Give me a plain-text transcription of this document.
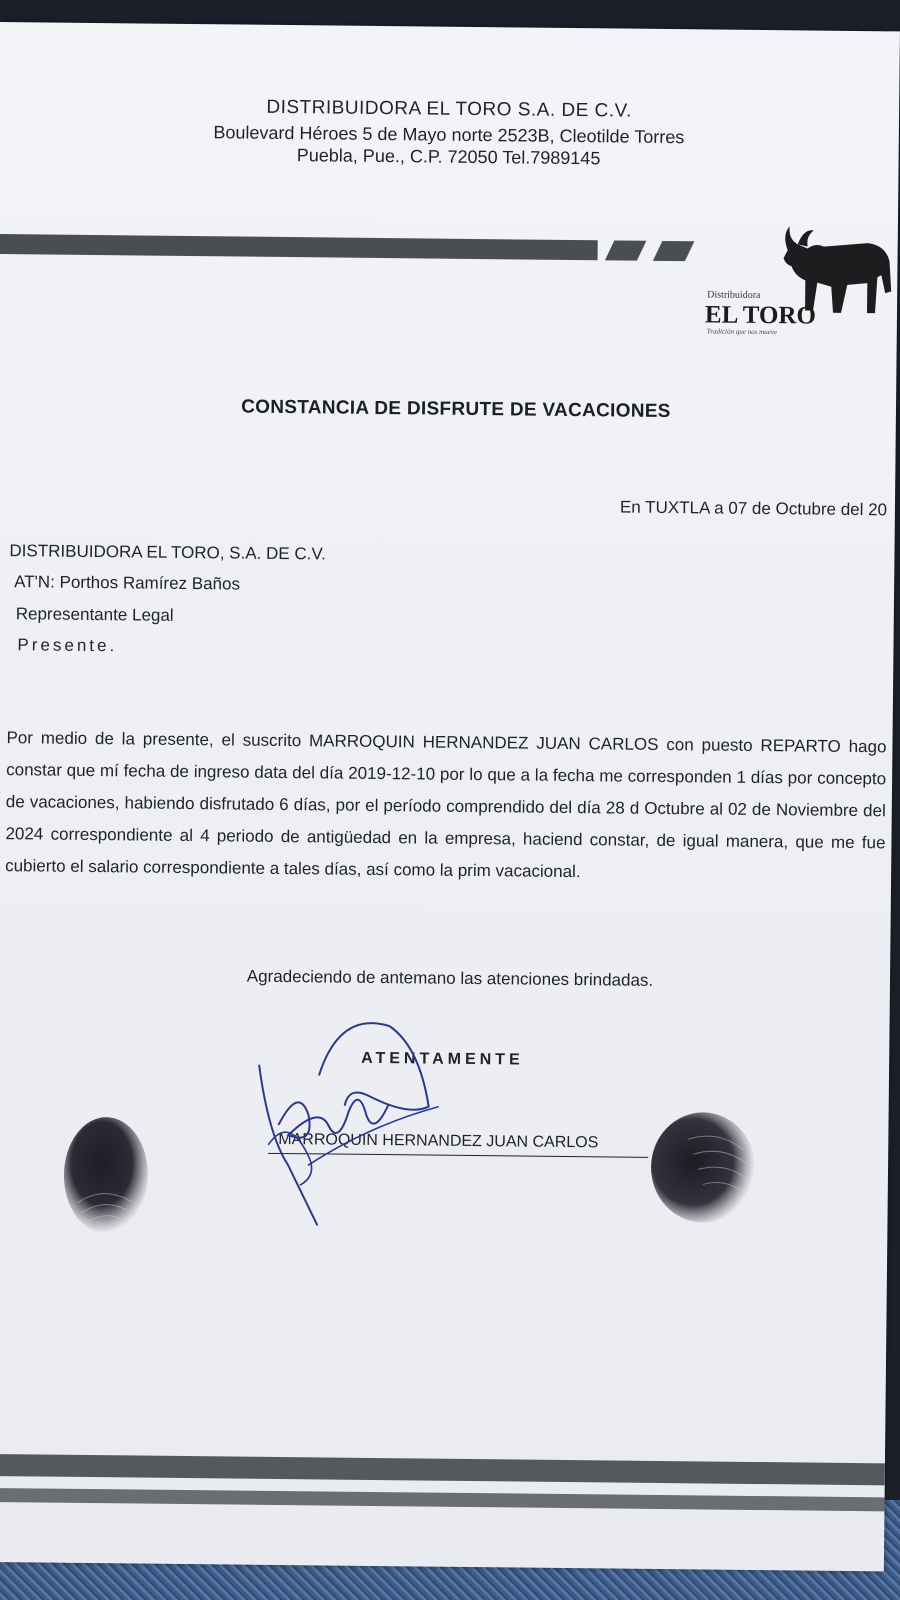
DISTRIBUIDORA EL TORO S.A. DE C.V.
Boulevard Héroes 5 de Mayo norte 2523B, Cleotilde Torres
Puebla, Pue., C.P. 72050 Tel.7989145
Distribuidora
EL TORO
Tradición que nos mueve
CONSTANCIA DE DISFRUTE DE VACACIONES
En TUXTLA a 07 de Octubre del 20
DISTRIBUIDORA EL TORO, S.A. DE C.V.
AT'N: Porthos Ramírez Baños
Representante Legal
Presente.
Por medio de la presente, el suscrito MARROQUIN HERNANDEZ JUAN CARLOS con puesto REPARTO hago constar que mí fecha de ingreso data del día 2019-12-10 por lo que a la fecha me corresponden 1 días por concepto de vacaciones, habiendo disfrutado 6 días, por el período comprendido del día 28 d Octubre al 02 de Noviembre del 2024 correspondiente al 4 periodo de antigüedad en la empresa, haciend constar, de igual manera, que me fue cubierto el salario correspondiente a tales días, así como la prim vacacional.
Agradeciendo de antemano las atenciones brindadas.
ATENTAMENTE
MARROQUIN HERNANDEZ JUAN CARLOS
